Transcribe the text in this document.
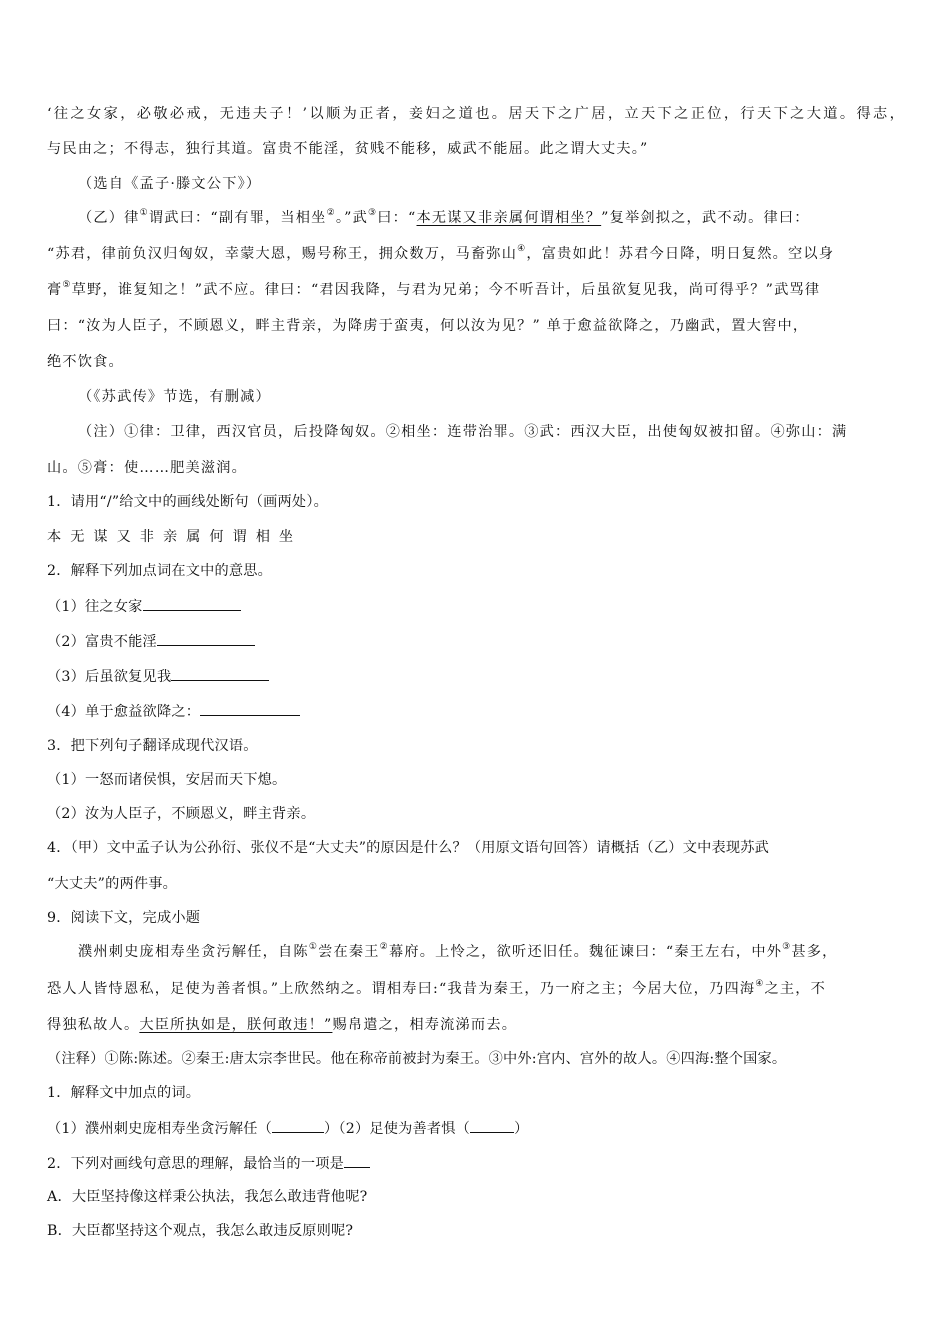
‘往之女家，必敬必戒，无违夫子！’以顺为正者，妾妇之道也。居天下之广居，立天下之正位，行天下之大道。得志，
与民由之；不得志，独行其道。富贵不能淫，贫贱不能移，威武不能屈。此之谓大丈夫。”
（选自《孟子·滕文公下》）
（乙）律①谓武曰：“副有罪，当相坐②。”武③曰：“本无谋又非亲属何谓相坐？”复举剑拟之，武不动。律曰：
“苏君，律前负汉归匈奴，幸蒙大恩，赐号称王，拥众数万，马畜弥山④，富贵如此！苏君今日降，明日复然。空以身
膏⑤草野，谁复知之！”武不应。律曰：“君因我降，与君为兄弟；今不听吾计，后虽欲复见我，尚可得乎？”武骂律
曰：“汝为人臣子，不顾恩义，畔主背亲，为降虏于蛮夷，何以汝为见？” 单于愈益欲降之，乃幽武，置大窖中，
绝不饮食。
（《苏武传》节选，有删减）
（注）①律：卫律，西汉官员，后投降匈奴。②相坐：连带治罪。③武：西汉大臣，出使匈奴被扣留。④弥山：满
山。⑤膏：使……肥美滋润。
1．请用“/”给文中的画线处断句（画两处）。
本无谋又非亲属何谓相坐
2．解释下列加点词在文中的意思。
（1）往之女家
（2）富贵不能淫
（3）后虽欲复见我
（4）单于愈益欲降之：
3．把下列句子翻译成现代汉语。
（1）一怒而诸侯惧，安居而天下熄。
（2）汝为人臣子，不顾恩义，畔主背亲。
4．（甲）文中孟子认为公孙衍、张仪不是“大丈夫”的原因是什么？（用原文语句回答）请概括（乙）文中表现苏武
“大丈夫”的两件事。
9．阅读下文，完成小题
濮州刺史庞相寿坐贪污解任，自陈①尝在秦王②幕府。上怜之，欲听还旧任。魏征谏曰：“秦王左右，中外③甚多，
恐人人皆恃恩私，足使为善者惧。”上欣然纳之。谓相寿曰:“我昔为秦王，乃一府之主；今居大位，乃四海④之主，不
得独私故人。大臣所执如是，朕何敢违！”赐帛遣之，相寿流涕而去。
（注释）①陈:陈述。②秦王:唐太宗李世民。他在称帝前被封为秦王。③中外:宫内、宫外的故人。④四海:整个国家。
1．解释文中加点的词。
（1）濮州刺史庞相寿坐贪污解任（	）（2）足使为善者惧（	）
2．下列对画线句意思的理解，最恰当的一项是
A．大臣坚持像这样秉公执法，我怎么敢违背他呢?
B．大臣都坚持这个观点，我怎么敢违反原则呢?
